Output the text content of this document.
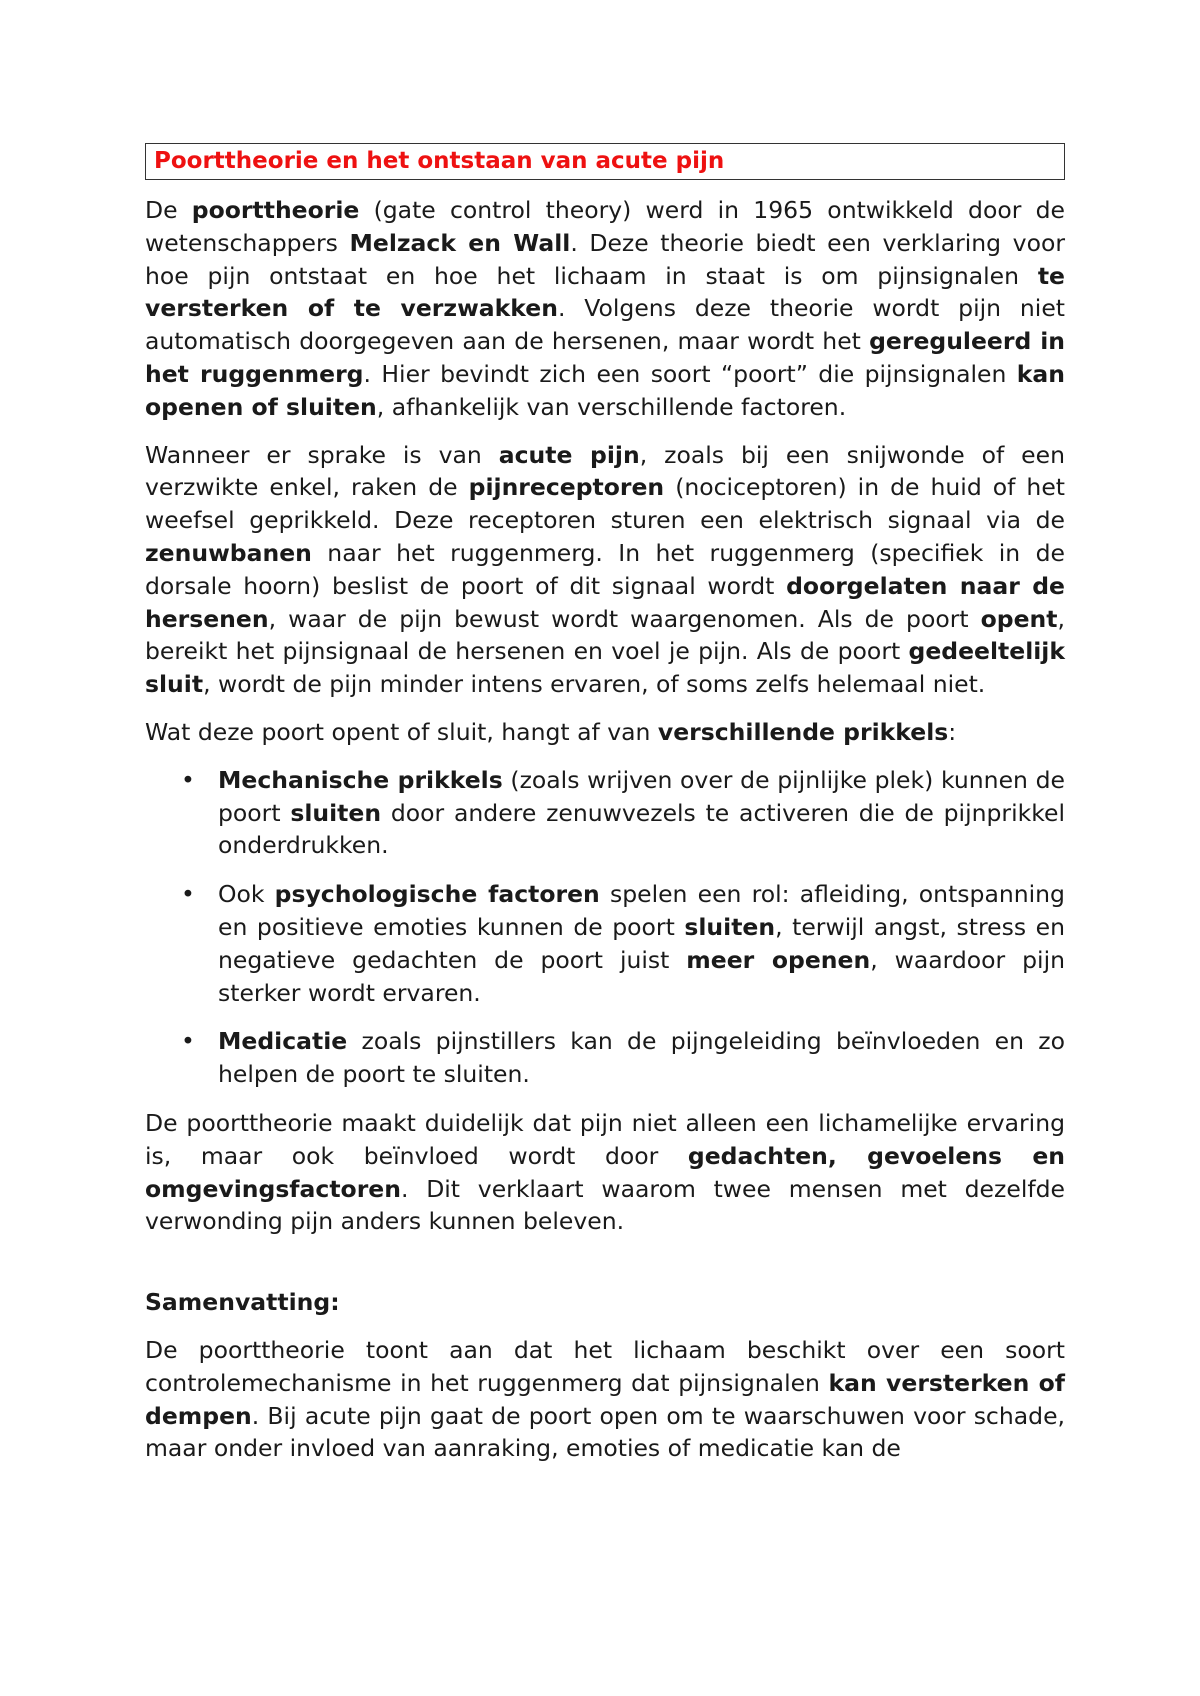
Poorttheorie en het ontstaan van acute pijn

De poorttheorie (gate control theory) werd in 1965 ontwikkeld door de wetenschappers Melzack en Wall. Deze theorie biedt een verklaring voor hoe pijn ontstaat en hoe het lichaam in staat is om pijnsignalen te versterken of te verzwakken. Volgens deze theorie wordt pijn niet automatisch doorgegeven aan de hersenen, maar wordt het gereguleerd in het ruggenmerg. Hier bevindt zich een soort “poort” die pijnsignalen kan openen of sluiten, afhankelijk van verschillende factoren.

Wanneer er sprake is van acute pijn, zoals bij een snijwonde of een verzwikte enkel, raken de pijnreceptoren (nociceptoren) in de huid of het weefsel geprikkeld. Deze receptoren sturen een elektrisch signaal via de zenuwbanen naar het ruggenmerg. In het ruggenmerg (specifiek in de dorsale hoorn) beslist de poort of dit signaal wordt doorgelaten naar de hersenen, waar de pijn bewust wordt waargenomen. Als de poort opent, bereikt het pijnsignaal de hersenen en voel je pijn. Als de poort gedeeltelijk sluit, wordt de pijn minder intens ervaren, of soms zelfs helemaal niet.

Wat deze poort opent of sluit, hangt af van verschillende prikkels:

• Mechanische prikkels (zoals wrijven over de pijnlijke plek) kunnen de poort sluiten door andere zenuwvezels te activeren die de pijnprikkel onderdrukken.
• Ook psychologische factoren spelen een rol: afleiding, ontspanning en positieve emoties kunnen de poort sluiten, terwijl angst, stress en negatieve gedachten de poort juist meer openen, waardoor pijn sterker wordt ervaren.
• Medicatie zoals pijnstillers kan de pijngeleiding beïnvloeden en zo helpen de poort te sluiten.

De poorttheorie maakt duidelijk dat pijn niet alleen een lichamelijke ervaring is, maar ook beïnvloed wordt door gedachten, gevoelens en omgevingsfactoren. Dit verklaart waarom twee mensen met dezelfde verwonding pijn anders kunnen beleven.

Samenvatting:

De poorttheorie toont aan dat het lichaam beschikt over een soort controlemechanisme in het ruggenmerg dat pijnsignalen kan versterken of dempen. Bij acute pijn gaat de poort open om te waarschuwen voor schade, maar onder invloed van aanraking, emoties of medicatie kan de
